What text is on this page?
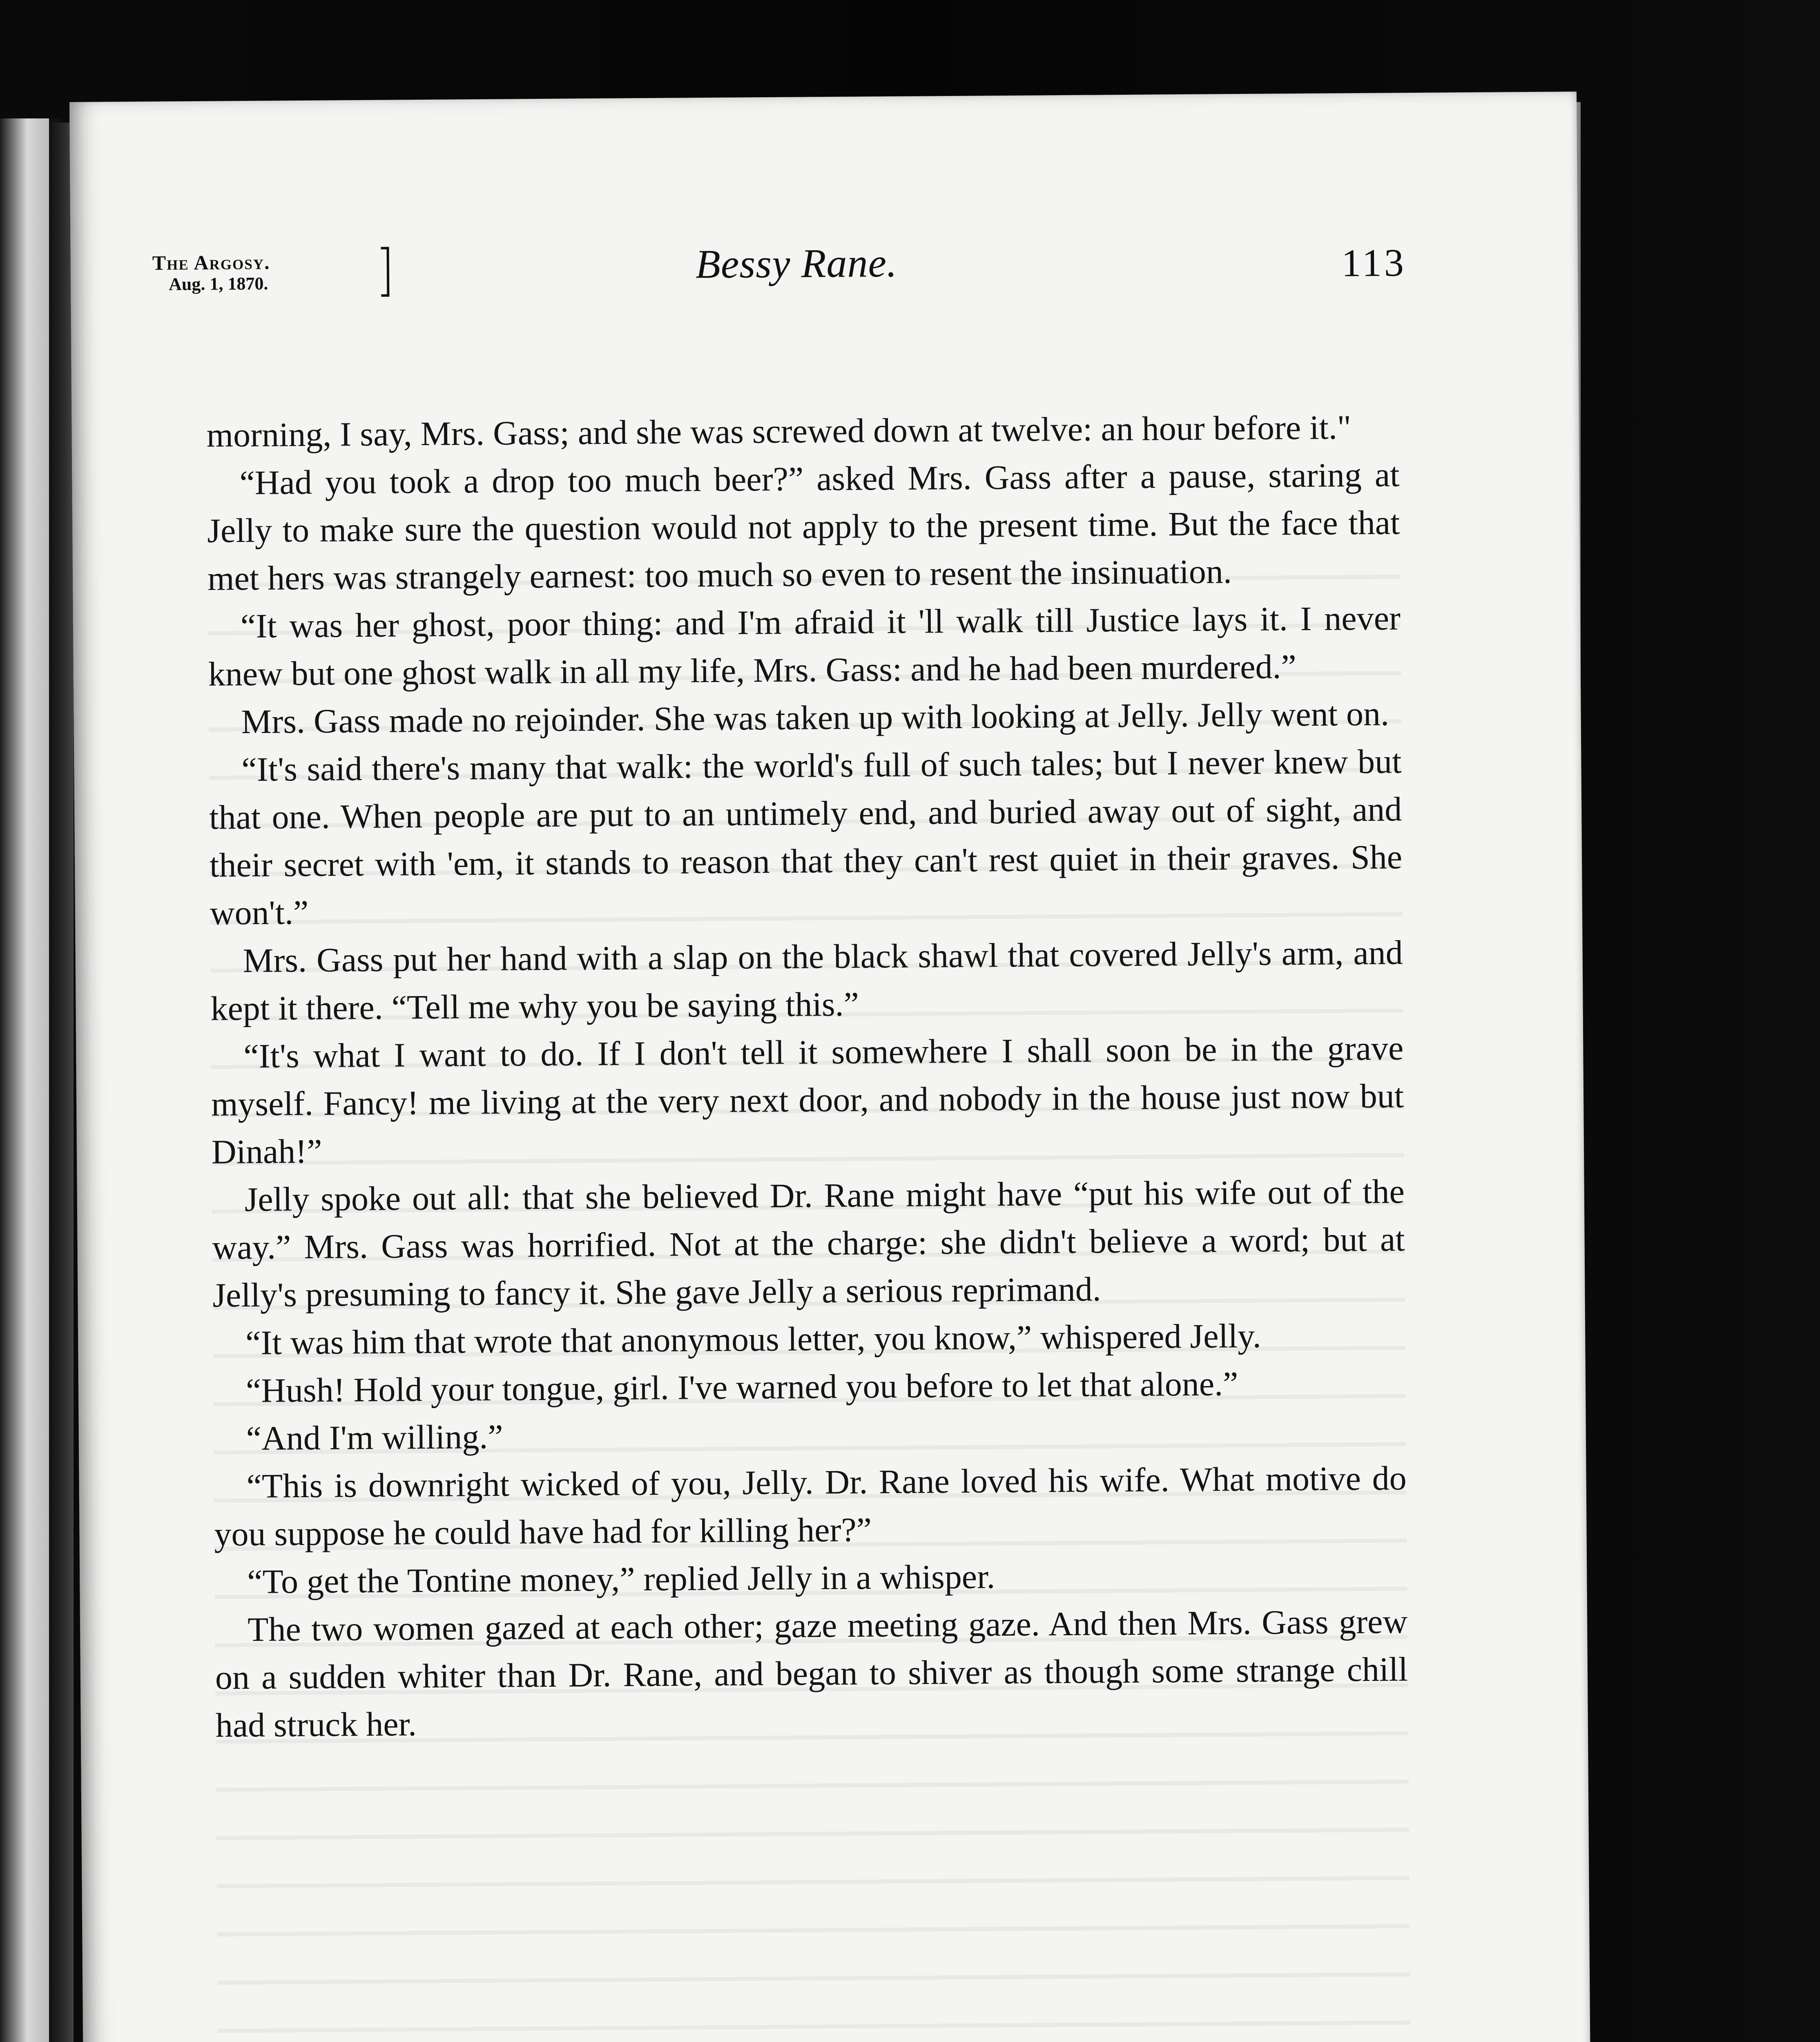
The Argosy.
Aug. 1, 1870.	Bessy Rane.	113

morning, I say, Mrs. Gass; and she was screwed down at twelve: an hour before it."

“Had you took a drop too much beer?” asked Mrs. Gass after a pause, staring at Jelly to make sure the question would not apply to the present time. But the face that met hers was strangely earnest: too much so even to resent the insinuation.

“It was her ghost, poor thing: and I'm afraid it 'll walk till Justice lays it. I never knew but one ghost walk in all my life, Mrs. Gass: and he had been murdered.”

Mrs. Gass made no rejoinder. She was taken up with looking at Jelly. Jelly went on.

“It's said there's many that walk: the world's full of such tales; but I never knew but that one. When people are put to an untimely end, and buried away out of sight, and their secret with 'em, it stands to reason that they can't rest quiet in their graves. She won't.”

Mrs. Gass put her hand with a slap on the black shawl that covered Jelly's arm, and kept it there. “Tell me why you be saying this.”

“It's what I want to do. If I don't tell it somewhere I shall soon be in the grave myself. Fancy! me living at the very next door, and nobody in the house just now but Dinah!”

Jelly spoke out all: that she believed Dr. Rane might have “put his wife out of the way.” Mrs. Gass was horrified. Not at the charge: she didn't believe a word; but at Jelly's presuming to fancy it. She gave Jelly a serious reprimand.

“It was him that wrote that anonymous letter, you know,” whispered Jelly.

“Hush! Hold your tongue, girl. I've warned you before to let that alone.”

“And I'm willing.”

“This is downright wicked of you, Jelly. Dr. Rane loved his wife. What motive do you suppose he could have had for killing her?”

“To get the Tontine money,” replied Jelly in a whisper.

The two women gazed at each other; gaze meeting gaze. And then Mrs. Gass grew on a sudden whiter than Dr. Rane, and began to shiver as though some strange chill had struck her.
